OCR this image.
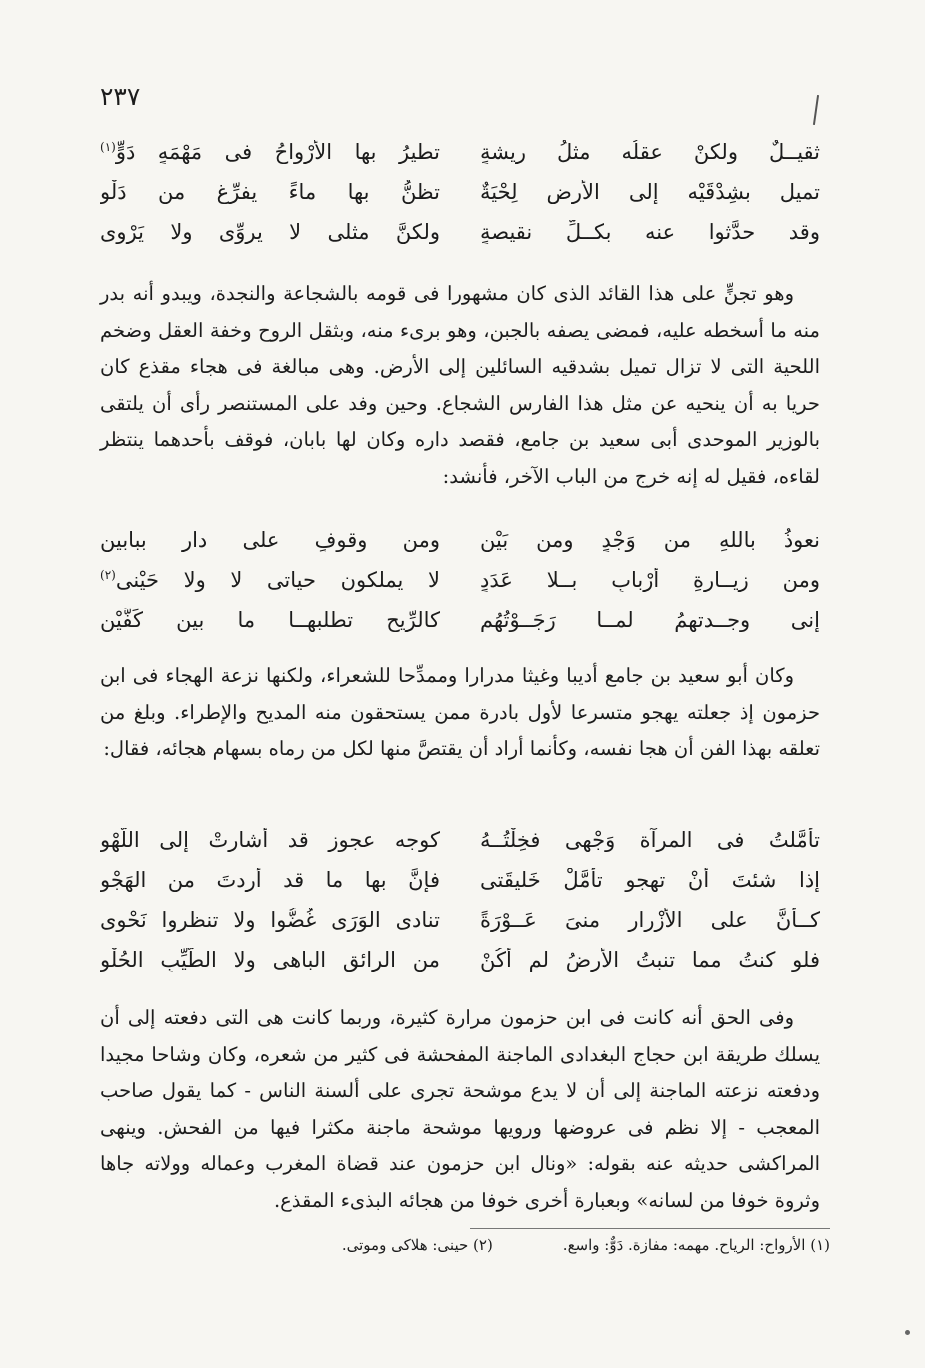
٢٣٧
ثقيــلٌ ولكنْ عقلُه مثلُ ريشةٍ
تطيرُ بها الأرْواحُ فى مَهْمَهٍ دَوٍّ$^{(١)}$
تميل بشِدْقَيْه إلى الأرضِ لِحْيَةٌ
تظنُّ بها ماءً يفرِّغ من دَلْوِ
وقد حدَّثوا عنه بكــلِّ نقيصةٍ
ولكنَّ مثلى لا يروِّى ولا يَرْوِى

وهو تجنٍّ على هذا القائد الذى كان مشهورا فى قومه بالشجاعة والنجدة، ويبدو أنه بدر منه ما أسخطه عليه، فمضى يصفه بالجبن، وهو برىء منه، وبثقل الروح وخفة العقل وضخم اللحية التى لا تزال تميل بشدقيه السائلين إلى الأرض. وهى مبالغة فى هجاء مقذع كان حريا به أن ينحيه عن مثل هذا الفارس الشجاع. وحين وفد على المستنصر رأى أن يلتقى بالوزير الموحدى أبى سعيد بن جامع، فقصد داره وكان لها بابان، فوقف بأحدهما ينتظر لقاءه، فقيل له إنه خرج من الباب الآخر، فأنشد:

نعوذُ باللهِ من وَجْدٍ ومن بَيْنِ
ومن وقوفٍ على دارٍ ببابينِ
ومن زيــارةِ أرْبابٍ بــلا عَدَدٍ
لا يملكون حياتى لا ولا حَيْنى$^{(٢)}$
إنى وجــدتهمُ لمــا رَجَــوْتُهُم
كالرِّيحِ تطلبهــا ما بين كَفَّيْنِ

وكان أبو سعيد بن جامع أديبا وغيثا مدرارا وممدِّحا للشعراء، ولكنها نزعة الهجاء فى ابن حزمون إذ جعلته يهجو متسرعا لأول بادرة ممن يستحقون منه المديح والإطراء. وبلغ من تعلقه بهذا الفن أن هجا نفسه، وكأنما أراد أن يقتصَّ منها لكل من رماه بسهام هجائه، فقال:

تأمَّلتُ فى المرآة وَجْهى فخِلْتُــهُ
كوجه عجوزٍ قد أشارتْ إلى اللَّهْوِ
إذا شئتَ أنْ تهجو تأمَّلْ خَليقَتى
فإنَّ بها ما قد أردتَ من الهَجْوِ
كــأنَّ على الأزْرار منىَ عَــوْرَةً
تنادى الوَرَى غُضُّوا ولا تنظروا نَحْوى
فلو كنتُ مما تنبتُ الأرضُ لم أكُنْ
من الرائقِ الباهى ولا الطَّيِّبِ الحُلْوِ

وفى الحق أنه كانت فى ابن حزمون مرارة كثيرة، وربما كانت هى التى دفعته إلى أن يسلك طريقة ابن حجاج البغدادى الماجنة المفحشة فى كثير من شعره، وكان وشاحا مجيدا ودفعته نزعته الماجنة إلى أن لا يدع موشحة تجرى على ألسنة الناس - كما يقول صاحب المعجب - إلا نظم فى عروضها ورويها موشحة ماجنة مكثرا فيها من الفحش. وينهى المراكشى حديثه عنه بقوله: «ونال ابن حزمون عند قضاة المغرب وعماله وولاته جاها وثروة خوفا من لسانه» وبعبارة أخرى خوفا من هجائه البذىء المقذع.

(١) الأرواح: الرياح. مهمه: مفازة. دَوٌّ: واسع.
(٢) حينى: هلاكى وموتى.
